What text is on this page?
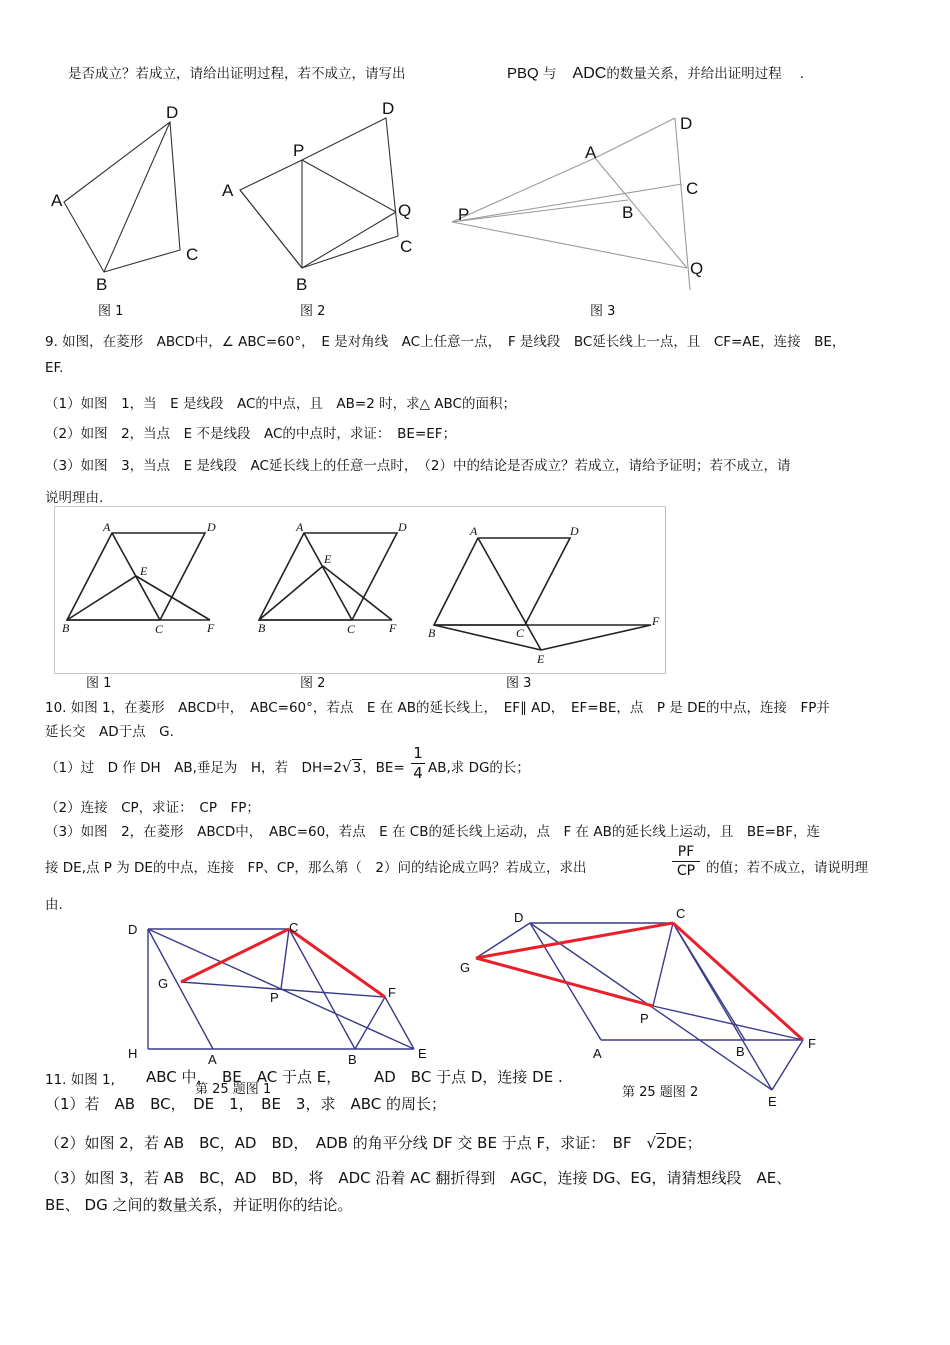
是否成立？若成立，请给出证明过程，若不成立，请写出	PBQ 与 ADC的数量关系，并给出证明过程 .
A
D
C
B
A
P
D
Q
C
B
A
D
C
B
P
Q
图 1	图 2	图 3
9. 如图，在菱形　ABCD中，∠ ABC=60°，　E 是对角线　AC上任意一点，　F 是线段　BC延长线上一点，且　CF=AE，连接　BE，
EF.
（1）如图　1，当　E 是线段　AC的中点，且　AB=2 时，求△ ABC的面积；
（2）如图　2，当点　E 不是线段　AC的中点时，求证：　BE=EF；
（3）如图　3，当点　E 是线段　AC延长线上的任意一点时，　（2）中的结论是否成立？若成立，请给予证明；若不成立，请
说明理由.
A	D
E
B	C	F
A	D
E
B	C	F
A	D
B	C
F
E
图 1	图 2	图 3
10. 如图 1，在菱形　ABCD中，　ABC=60°，若点　E 在 AB的延长线上，　EF∥ AD，　EF=BE，点　P 是 DE的中点，连接　FP并
延长交　AD于点　G.
（1）过　D 作 DH　AB,垂足为　H，若　DH=2√3，BE=
1
4 AB,求 DG的长；
（2）连接　CP，求证：　CP　FP；
（3）如图　2，在菱形　ABCD中，　ABC=60，若点　E 在 CB的延长线上运动，点　F 在 AB的延长线上运动，且　BE=BF，连
接 DE,点 P 为 DE的中点，连接　FP、CP，那么第（　2）问的结论成立吗？若成立，求出
PF
CP 的值；若不成立，请说明理
由.
D	C
G
P	F
H	A	B	E
D	C
G
P
A	B
F
E
第 25 题图 1	第 25 题图 2
11. 如图 1, ABC 中， BE　AC 于点 E， AD　BC 于点 D，连接 DE .
（1）若　AB　BC，　DE　1，　BE　3，求　ABC 的周长；
（2）如图 2，若 AB　BC，AD　BD，　ADB 的角平分线 DF 交 BE 于点 F，求证：　BF　√2DE；
（3）如图 3，若 AB　BC，AD　BD，将　ADC 沿着 AC 翻折得到　AGC，连接 DG、EG，请猜想线段　AE、
BE、 DG 之间的数量关系，并证明你的结论。
